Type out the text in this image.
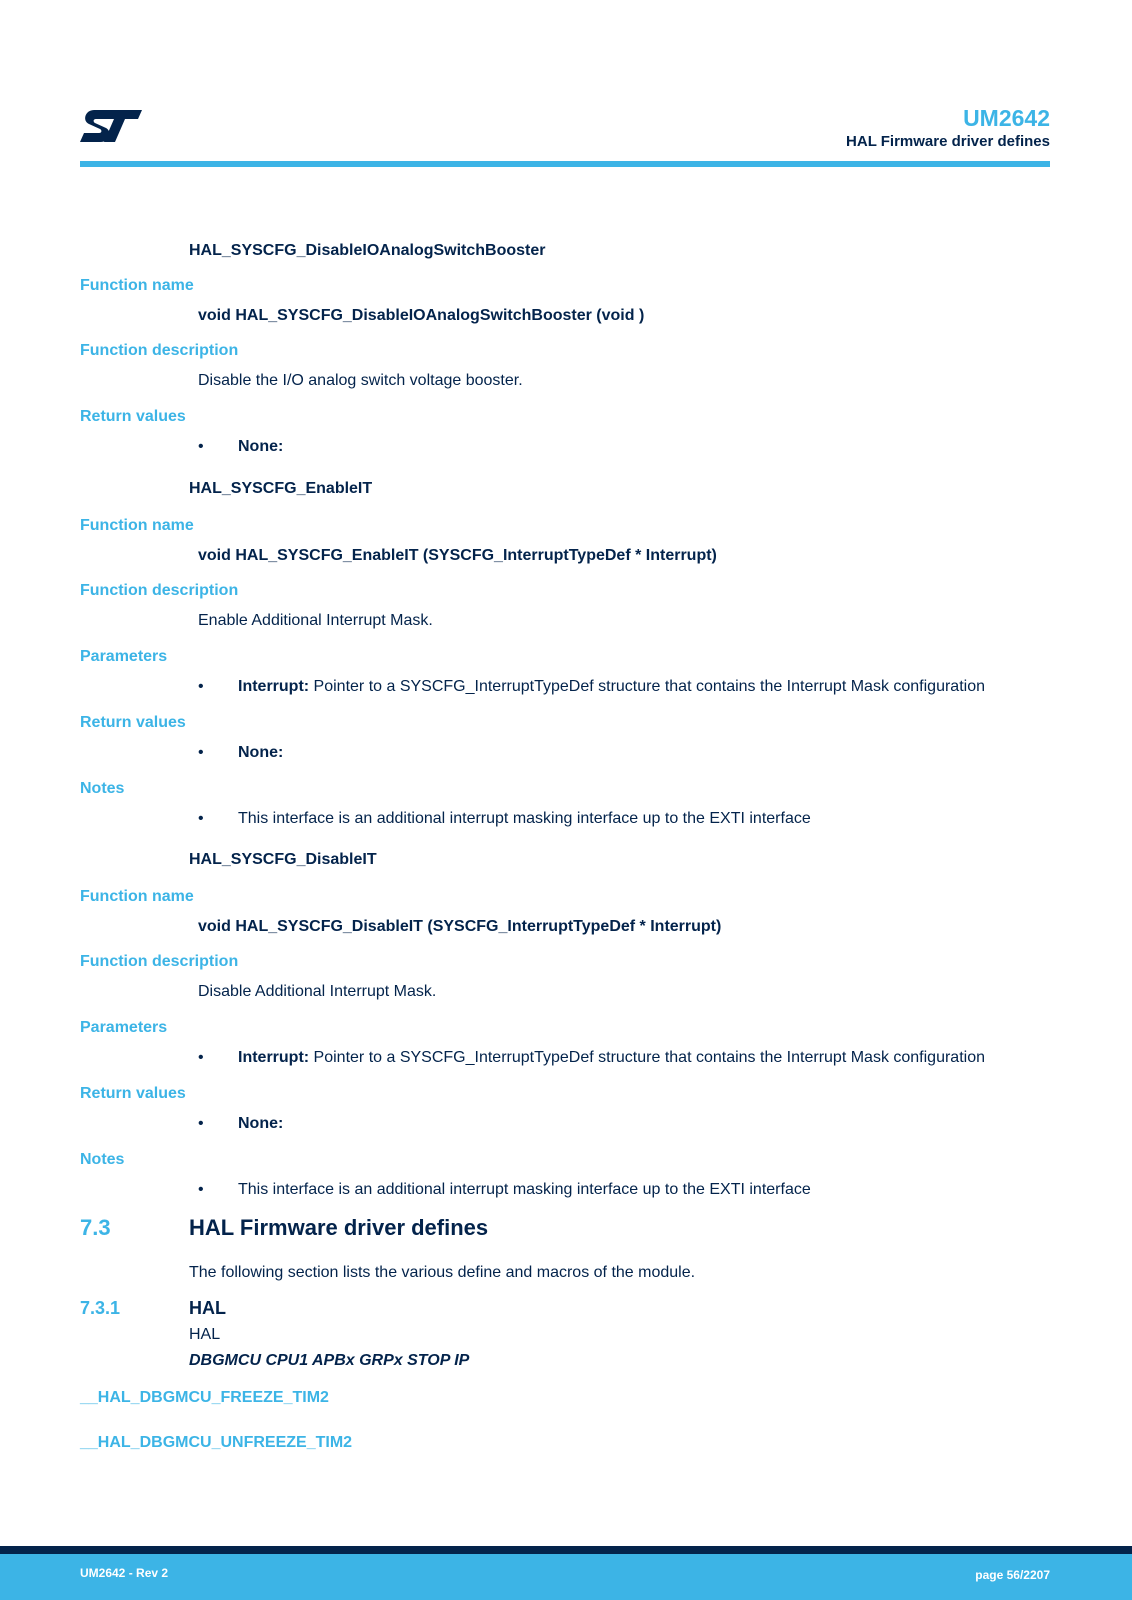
UM2642
HAL Firmware driver defines
HAL_SYSCFG_DisableIOAnalogSwitchBooster
Function name
void HAL_SYSCFG_DisableIOAnalogSwitchBooster (void )
Function description
Disable the I/O analog switch voltage booster.
Return values
• None:
HAL_SYSCFG_EnableIT
Function name
void HAL_SYSCFG_EnableIT (SYSCFG_InterruptTypeDef * Interrupt)
Function description
Enable Additional Interrupt Mask.
Parameters
• Interrupt: Pointer to a SYSCFG_InterruptTypeDef structure that contains the Interrupt Mask configuration
Return values
• None:
Notes
• This interface is an additional interrupt masking interface up to the EXTI interface
HAL_SYSCFG_DisableIT
Function name
void HAL_SYSCFG_DisableIT (SYSCFG_InterruptTypeDef * Interrupt)
Function description
Disable Additional Interrupt Mask.
Parameters
• Interrupt: Pointer to a SYSCFG_InterruptTypeDef structure that contains the Interrupt Mask configuration
Return values
• None:
Notes
• This interface is an additional interrupt masking interface up to the EXTI interface
7.3	HAL Firmware driver defines
The following section lists the various define and macros of the module.
7.3.1	HAL
HAL
DBGMCU CPU1 APBx GRPx STOP IP
__HAL_DBGMCU_FREEZE_TIM2
__HAL_DBGMCU_UNFREEZE_TIM2
UM2642 - Rev 2	page 56/2207
